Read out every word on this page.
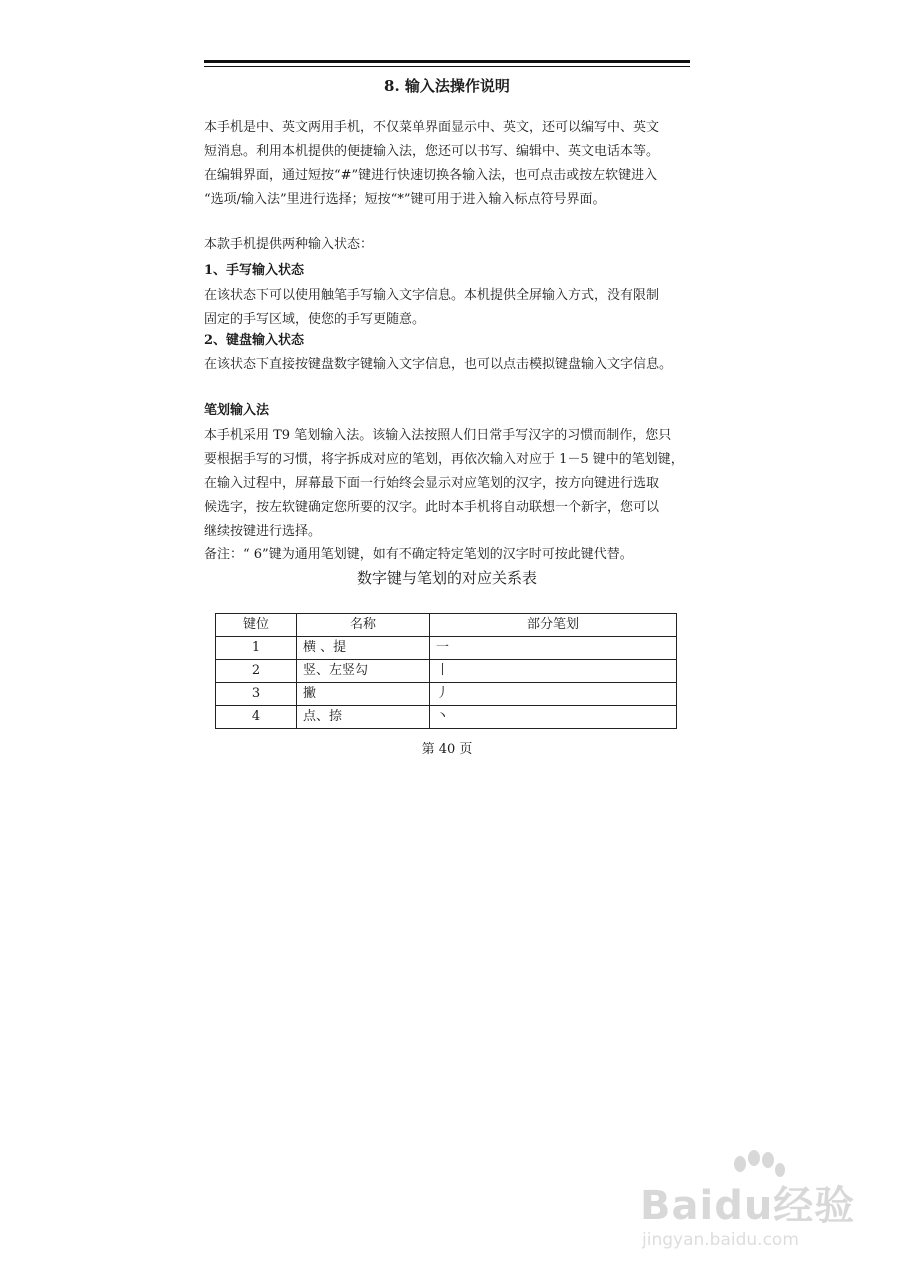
8. 输入法操作说明
本手机是中、英文两用手机，不仅菜单界面显示中、英文，还可以编写中、英文
短消息。利用本机提供的便捷输入法，您还可以书写、编辑中、英文电话本等。
在编辑界面，通过短按“#”键进行快速切换各输入法，也可点击或按左软键进入
“选项/输入法”里进行选择；短按“*”键可用于进入输入标点符号界面。
本款手机提供两种输入状态：
1、手写输入状态
在该状态下可以使用触笔手写输入文字信息。本机提供全屏输入方式，没有限制
固定的手写区域，使您的手写更随意。
2、键盘输入状态
在该状态下直接按键盘数字键输入文字信息，也可以点击模拟键盘输入文字信息。
笔划输入法
本手机采用 T9 笔划输入法。该输入法按照人们日常手写汉字的习惯而制作，您只
要根据手写的习惯，将字拆成对应的笔划，再依次输入对应于 1－5 键中的笔划键，
在输入过程中，屏幕最下面一行始终会显示对应笔划的汉字，按方向键进行选取
候选字，按左软键确定您所要的汉字。此时本手机将自动联想一个新字，您可以
继续按键进行选择。
备注：“ 6”键为通用笔划键，如有不确定特定笔划的汉字时可按此键代替。
数字键与笔划的对应关系表
键位	名称	部分笔划
1	横 、提	一
2	竖、左竖勾	丨
3	撇	丿
4	点、捺	丶
第 40 页
Baidu经验
jingyan.baidu.com
